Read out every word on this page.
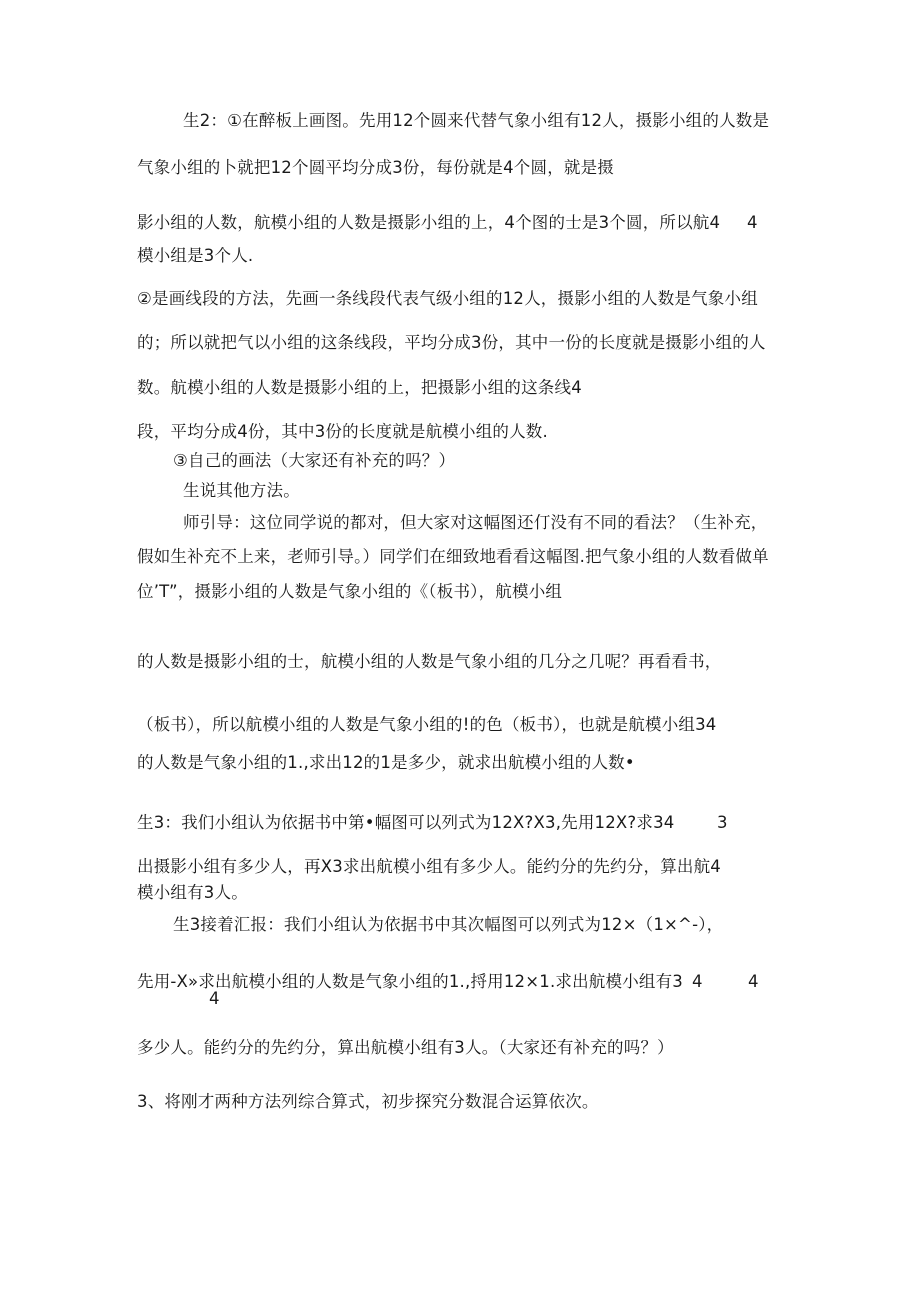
生2：①在醉板上画图。先用12个圆来代替气象小组有12人，摄影小组的人数是
气象小组的卜就把12个圆平均分成3份，每份就是4个圆，就是摄
影小组的人数，航模小组的人数是摄影小组的上，4个图的士是3个圆，所以航4 4
模小组是3个人.
②是画线段的方法，先画一条线段代表气级小组的12人，摄影小组的人数是气象小组
的；所以就把气以小组的这条线段，平均分成3份，其中一份的长度就是摄影小组的人
数。航模小组的人数是摄影小组的上，把摄影小组的这条线4
段，平均分成4份，其中3份的长度就是航模小组的人数.
③自己的画法（大家还有补充的吗？）
生说其他方法。
师引导：这位同学说的都对，但大家对这幅图还仃没有不同的看法？（生补充，
假如生补充不上来，老师引导。）同学们在细致地看看这幅图.把气象小组的人数看做单
位’T”，摄影小组的人数是气象小组的《（板书），航模小组
的人数是摄影小组的士，航模小组的人数是气象小组的几分之几呢？再看看书，
（板书），所以航模小组的人数是气象小组的!的色（板书），也就是航模小组34
的人数是气象小组的1.,求出12的1是多少，就求出航模小组的人数•
生3：我们小组认为依据书中第•幅图可以列式为12X?X3,先用12X?求34	3
出摄影小组有多少人，再X3求出航模小组有多少人。能约分的先约分，算出航4
模小组有3人。
生3接着汇报：我们小组认为依据书中其次幅图可以列式为12×（1×^-），
先用-X»求出航模小组的人数是气象小组的1.,捋用12×1.求出航模小组有3 4	4
4
多少人。能约分的先约分，算出航模小组有3人。（大家还有补充的吗？）
3、将刚才两种方法列综合算式，初步探究分数混合运算依次。
